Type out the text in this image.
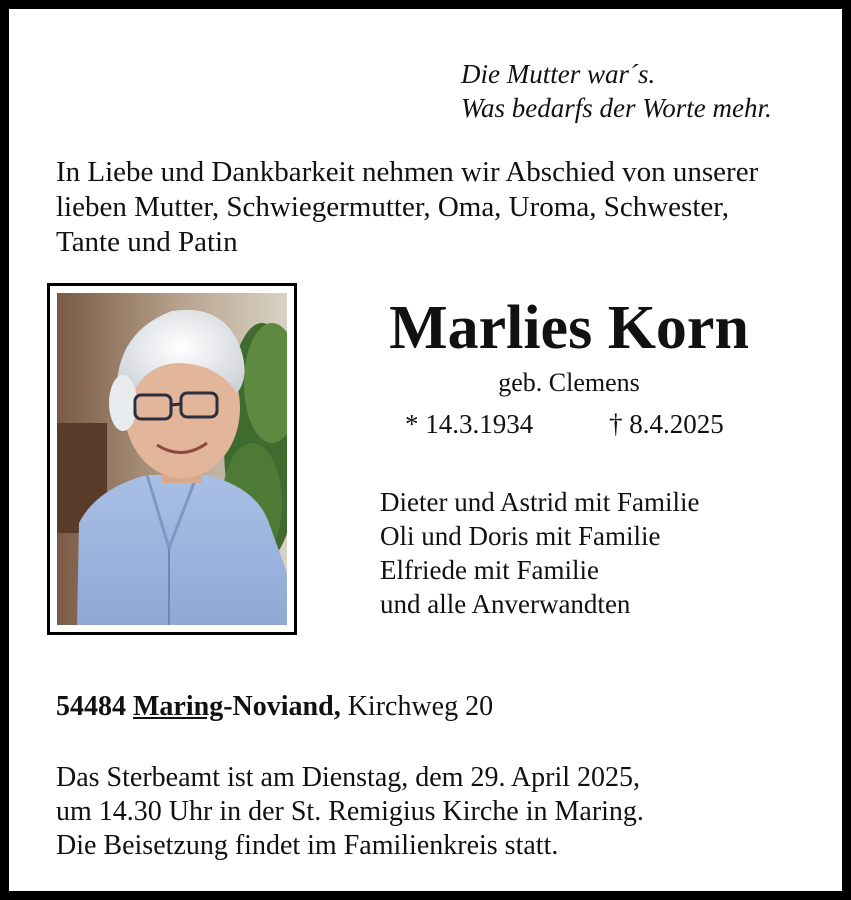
Die Mutter war´s.
Was bedarfs der Worte mehr.
In Liebe und Dankbarkeit nehmen wir Abschied von unserer
lieben Mutter, Schwiegermutter, Oma, Uroma, Schwester,
Tante und Patin
Marlies Korn
geb. Clemens
* 14.3.1934	† 8.4.2025
Dieter und Astrid mit Familie
Oli und Doris mit Familie
Elfriede mit Familie
und alle Anverwandten
54484 Maring-Noviand, Kirchweg 20
Das Sterbeamt ist am Dienstag, dem 29. April 2025,
um 14.30 Uhr in der St. Remigius Kirche in Maring.
Die Beisetzung findet im Familienkreis statt.
